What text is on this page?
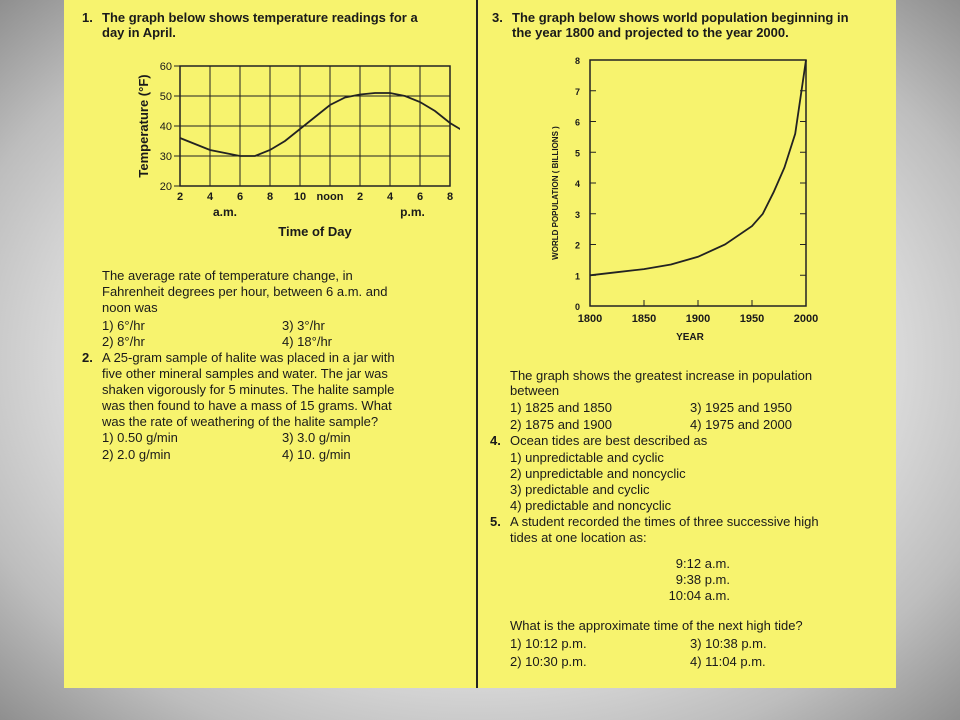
1. The graph below shows temperature readings for a
day in April.
20
30
40
50
60
2 4 6 8 10 noon 2 4 6 8
a.m.	p.m.
Time of Day
Temperature (°F)
The average rate of temperature change, in
Fahrenheit degrees per hour, between 6 a.m. and
noon was
1) 6°/hr	3) 3°/hr
2) 8°/hr	4) 18°/hr
2. A 25-gram sample of halite was placed in a jar with
five other mineral samples and water. The jar was
shaken vigorously for 5 minutes. The halite sample
was then found to have a mass of 15 grams. What
was the rate of weathering of the halite sample?
1) 0.50 g/min	3) 3.0 g/min
2) 2.0 g/min	4) 10. g/min
3. The graph below shows world population beginning in
the year 1800 and projected to the year 2000.
0
1
2
3
4
5
6
7
8
1800	1850	1900	1950	2000
YEAR
WORLD POPULATION ( BILLIONS )
The graph shows the greatest increase in population
between
1) 1825 and 1850	3) 1925 and 1950
2) 1875 and 1900	4) 1975 and 2000
4. Ocean tides are best described as
1) unpredictable and cyclic
2) unpredictable and noncyclic
3) predictable and cyclic
4) predictable and noncyclic
5. A student recorded the times of three successive high
tides at one location as:
9:12 a.m.
9:38 p.m.
10:04 a.m.
What is the approximate time of the next high tide?
1) 10:12 p.m.	3) 10:38 p.m.
2) 10:30 p.m.	4) 11:04 p.m.
